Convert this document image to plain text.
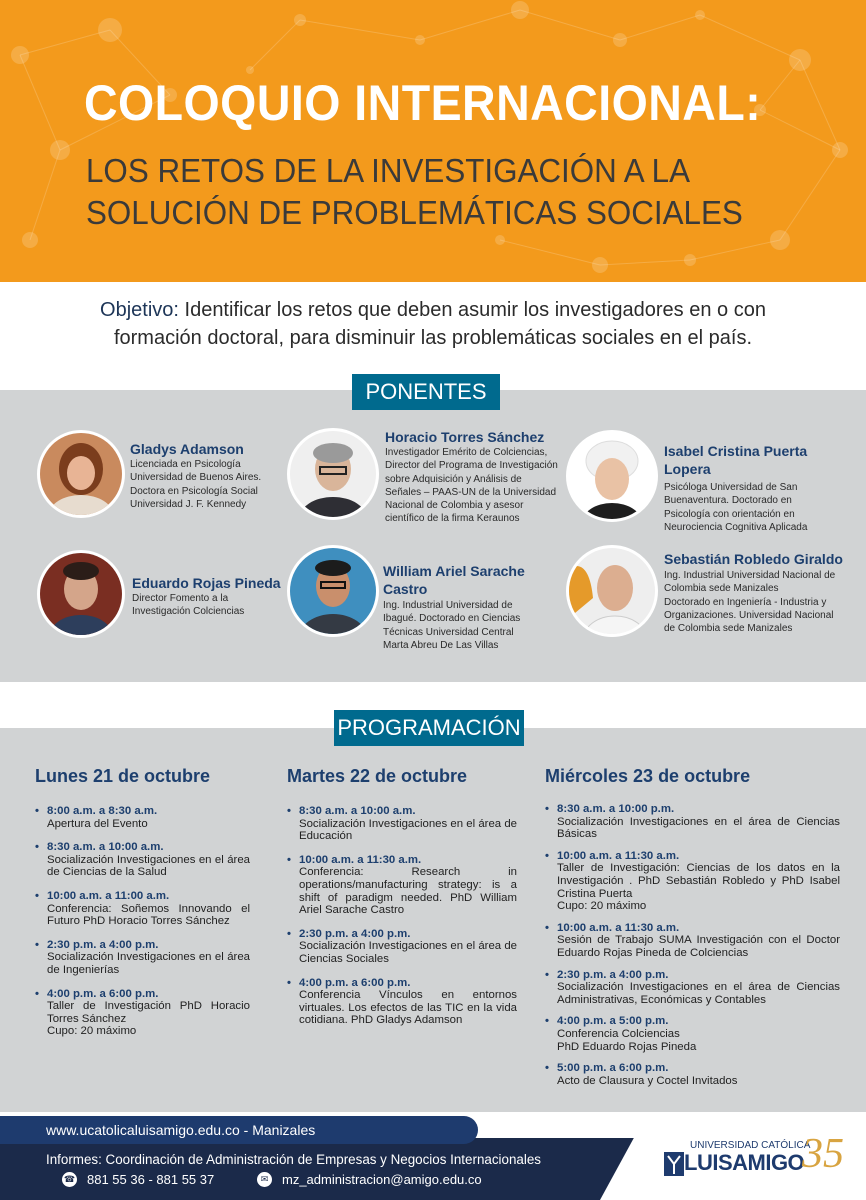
COLOQUIO INTERNACIONAL:
LOS RETOS DE LA INVESTIGACIÓN A LA
SOLUCIÓN DE PROBLEMÁTICAS SOCIALES
Objetivo: Identificar los retos que deben asumir los investigadores en o con
formación doctoral, para disminuir las problemáticas sociales en el país.
PONENTES
Gladys Adamson
Licenciada en Psicología
Universidad de Buenos Aires.
Doctora en Psicología Social
Universidad J. F. Kennedy
Horacio Torres Sánchez
Investigador Emérito de Colciencias,
Director del Programa de Investigación
sobre Adquisición y Análisis de
Señales – PAAS-UN de la Universidad
Nacional de Colombia y asesor
científico de la firma Keraunos
Isabel Cristina Puerta
Lopera
Psicóloga Universidad de San
Buenaventura. Doctorado en
Psicología con orientación en
Neurociencia Cognitiva Aplicada
Eduardo Rojas Pineda
Director Fomento a la
Investigación Colciencias
William Ariel Sarache
Castro
Ing. Industrial Universidad de
Ibagué. Doctorado en Ciencias
Técnicas Universidad Central
Marta Abreu De Las Villas
Sebastián Robledo Giraldo
Ing. Industrial Universidad Nacional de
Colombia sede Manizales
Doctorado en Ingeniería - Industria y
Organizaciones. Universidad Nacional
de Colombia sede Manizales
PROGRAMACIÓN
Lunes 21 de octubre
• 8:00 a.m. a 8:30 a.m.
Apertura del Evento
• 8:30 a.m. a 10:00 a.m.
Socialización Investigaciones en el área de Ciencias de la Salud
• 10:00 a.m. a 11:00 a.m.
Conferencia: Soñemos Innovando el Futuro PhD Horacio Torres Sánchez
• 2:30 p.m. a 4:00 p.m.
Socialización Investigaciones en el área de Ingenierías
• 4:00 p.m. a 6:00 p.m.
Taller de Investigación PhD Horacio Torres Sánchez
Cupo: 20 máximo
Martes 22 de octubre
• 8:30 a.m. a 10:00 a.m.
Socialización Investigaciones en el área de Educación
• 10:00 a.m. a 11:30 a.m.
Conferencia: Research in operations/manufacturing strategy: is a shift of paradigm needed. PhD William Ariel Sarache Castro
• 2:30 p.m. a 4:00 p.m.
Socialización Investigaciones en el área de Ciencias Sociales
• 4:00 p.m. a 6:00 p.m.
Conferencia Vínculos en entornos virtuales. Los efectos de las TIC en la vida cotidiana. PhD Gladys Adamson
Miércoles 23 de octubre
• 8:30 a.m. a 10:00 p.m.
Socialización Investigaciones en el área de Ciencias Básicas
• 10:00 a.m. a 11:30 a.m.
Taller de Investigación: Ciencias de los datos en la Investigación . PhD Sebastián Robledo y PhD Isabel Cristina Puerta
Cupo: 20 máximo
• 10:00 a.m. a 11:30 a.m.
Sesión de Trabajo SUMA Investigación con el Doctor Eduardo Rojas Pineda de Colciencias
• 2:30 p.m. a 4:00 p.m.
Socialización Investigaciones en el área de Ciencias Administrativas, Económicas y Contables
• 4:00 p.m. a 5:00 p.m.
Conferencia Colciencias
PhD Eduardo Rojas Pineda
• 5:00 p.m. a 6:00 p.m.
Acto de Clausura y Coctel Invitados
www.ucatolicaluisamigo.edu.co - Manizales
Informes: Coordinación de Administración de Empresas y Negocios Internacionales
☎ 881 55 36 - 881 55 37	✉ mz_administracion@amigo.edu.co
UNIVERSIDAD CATÓLICA
LUISAMIGO
35
